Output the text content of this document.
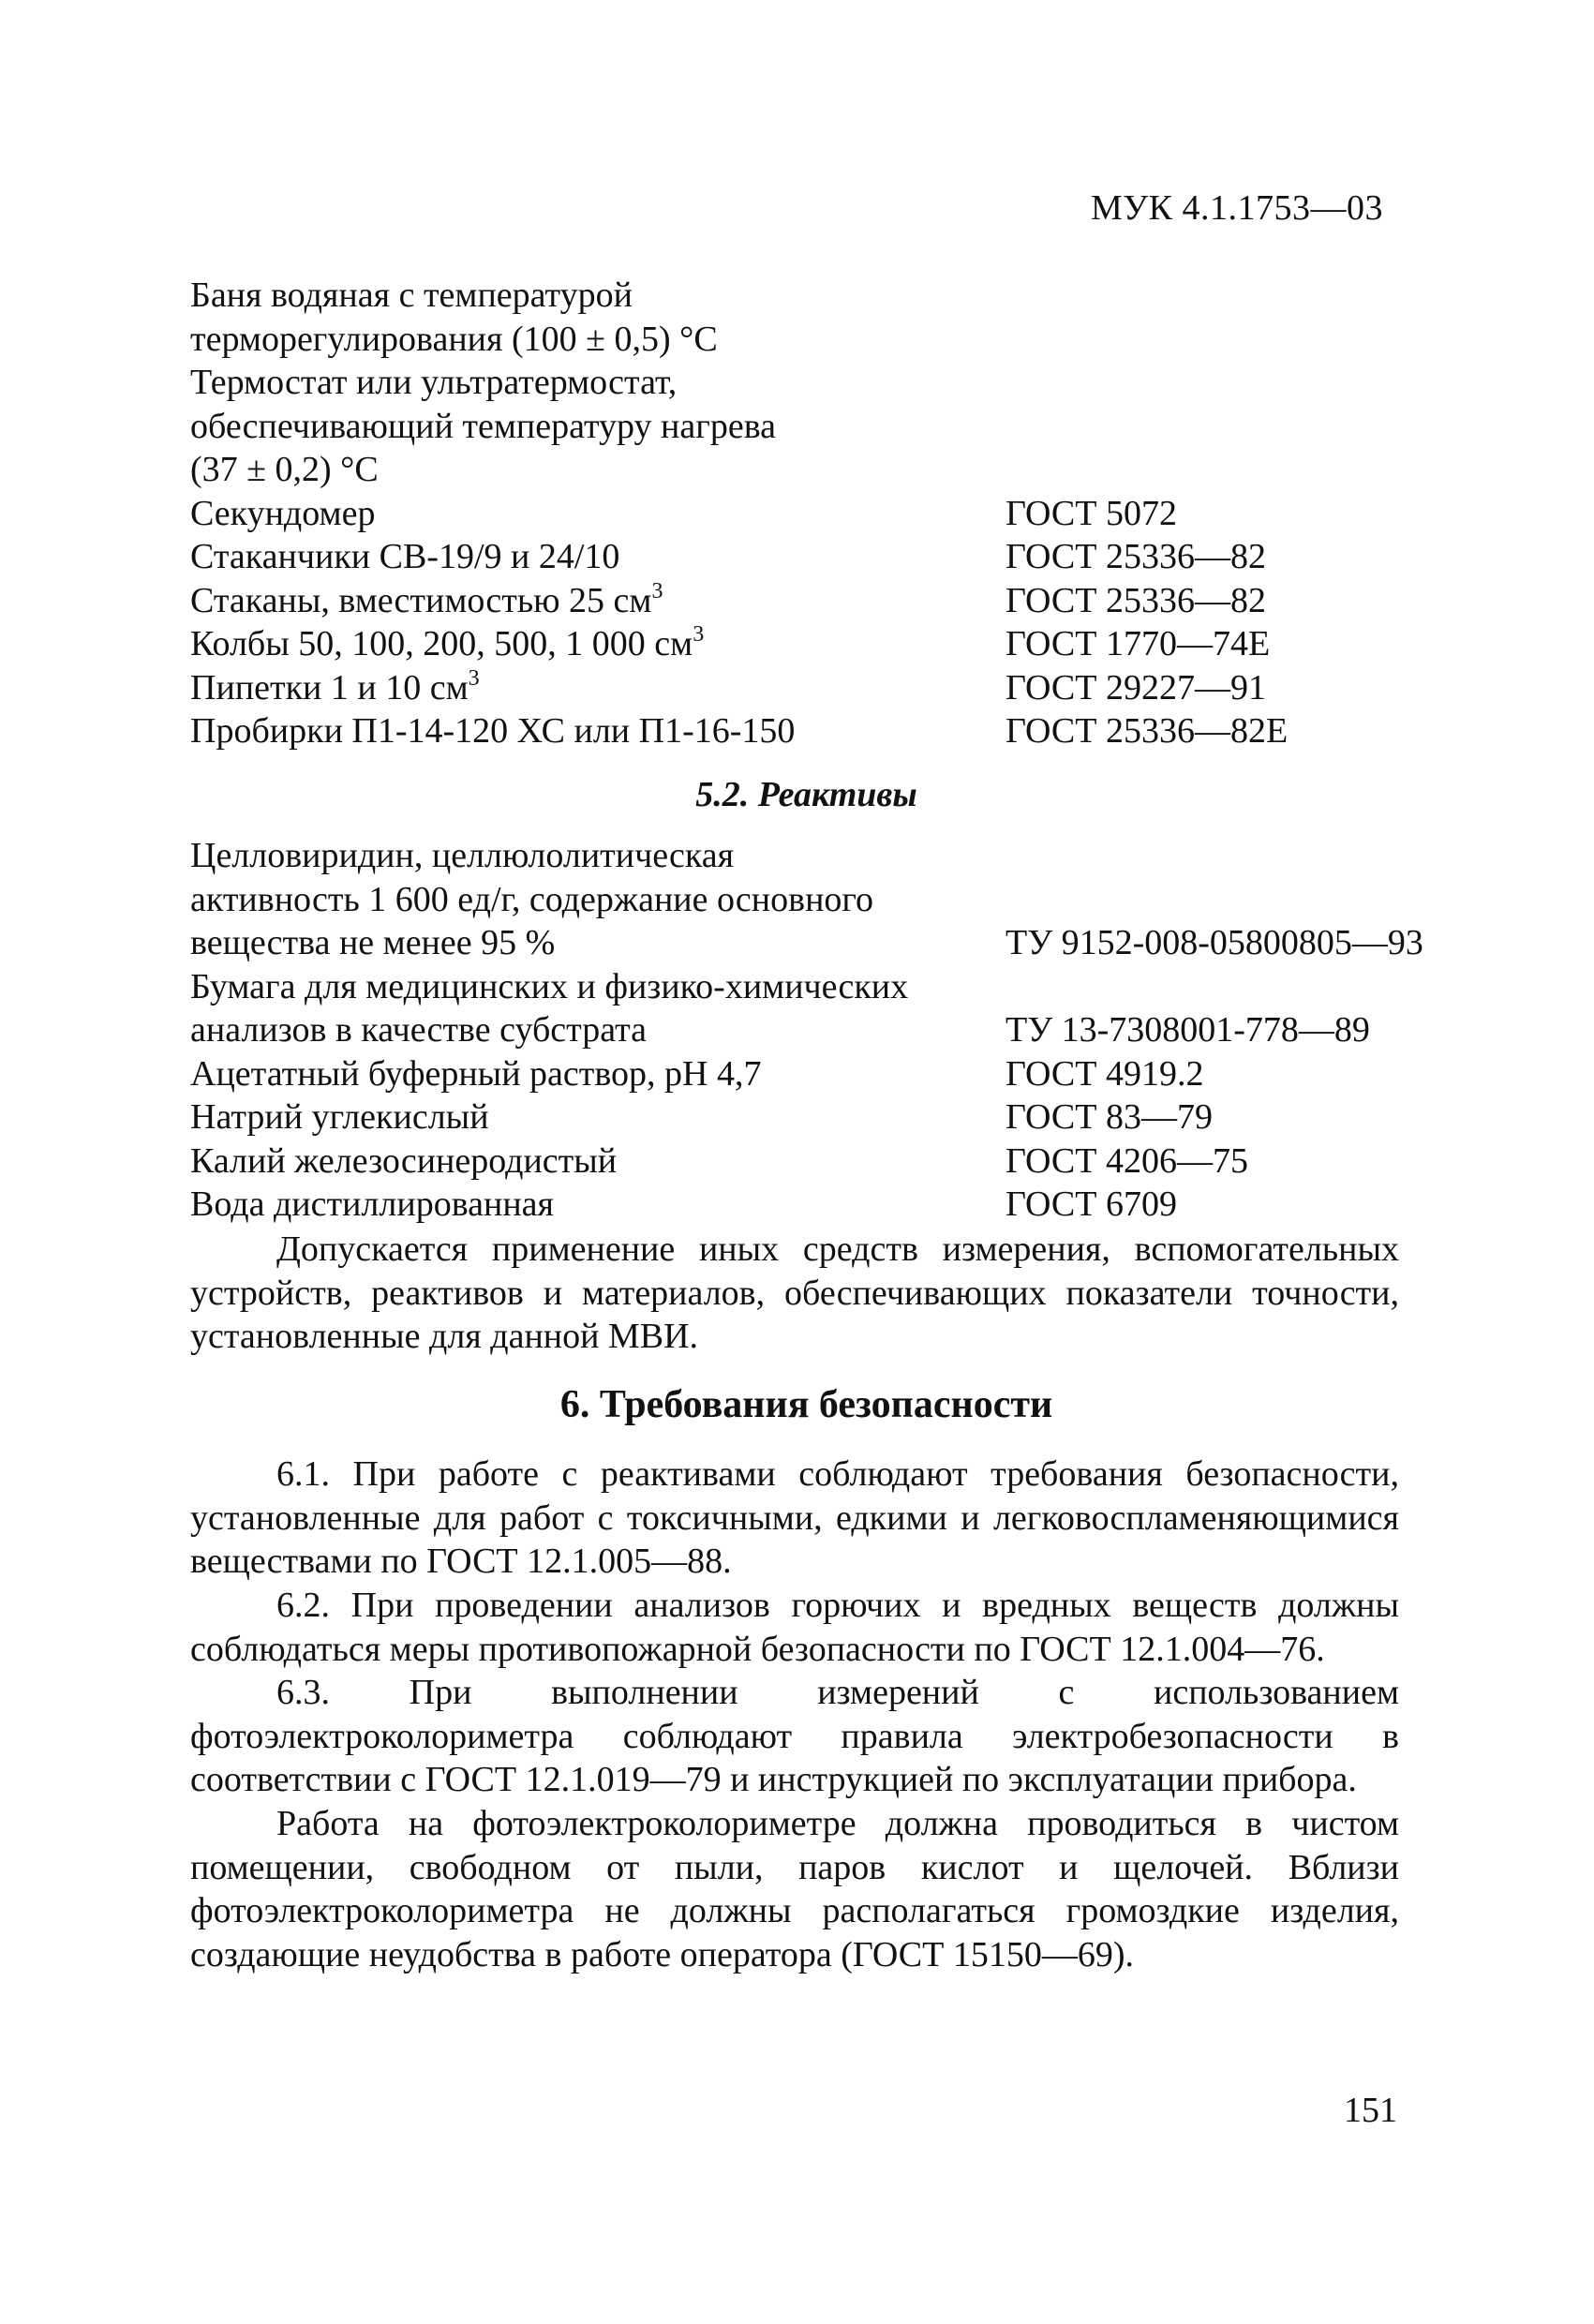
МУК 4.1.1753—03
Баня водяная с температурой
терморегулирования (100 ± 0,5) °С
Термостат или ультратермостат,
обеспечивающий температуру нагрева
(37 ± 0,2) °С
Секундомер	ГОСТ 5072
Стаканчики СВ-19/9 и 24/10	ГОСТ 25336—82
Стаканы, вместимостью 25 $см^3$	ГОСТ 25336—82
Колбы 50, 100, 200, 500, 1 000 $см^3$	ГОСТ 1770—74Е
Пипетки 1 и 10 $см^3$	ГОСТ 29227—91
Пробирки П1-14-120 ХС или П1-16-150	ГОСТ 25336—82Е
5.2. Реактивы
Целловиридин, целлюлолитическая
активность 1 600 ед/г, содержание основного
вещества не менее 95 %	ТУ 9152-008-05800805—93
Бумага для медицинских и физико-химических
анализов в качестве субстрата	ТУ 13-7308001-778—89
Ацетатный буферный раствор, рН 4,7	ГОСТ 4919.2
Натрий углекислый	ГОСТ 83—79
Калий железосинеродистый	ГОСТ 4206—75
Вода дистиллированная	ГОСТ 6709

Допускается применение иных средств измерения, вспомогательных устройств, реактивов и материалов, обеспечивающих показатели точности, установленные для данной МВИ.

6. Требования безопасности

6.1. При работе с реактивами соблюдают требования безопасности, установленные для работ с токсичными, едкими и легковоспламеняющимися веществами по ГОСТ 12.1.005—88.

6.2. При проведении анализов горючих и вредных веществ должны соблюдаться меры противопожарной безопасности по ГОСТ 12.1.004—76.

6.3. При выполнении измерений с использованием фотоэлектроколориметра соблюдают правила электробезопасности в соответствии с ГОСТ 12.1.019—79 и инструкцией по эксплуатации прибора.

Работа на фотоэлектроколориметре должна проводиться в чистом помещении, свободном от пыли, паров кислот и щелочей. Вблизи фотоэлектроколориметра не должны располагаться громоздкие изделия, создающие неудобства в работе оператора (ГОСТ 15150—69).

151
